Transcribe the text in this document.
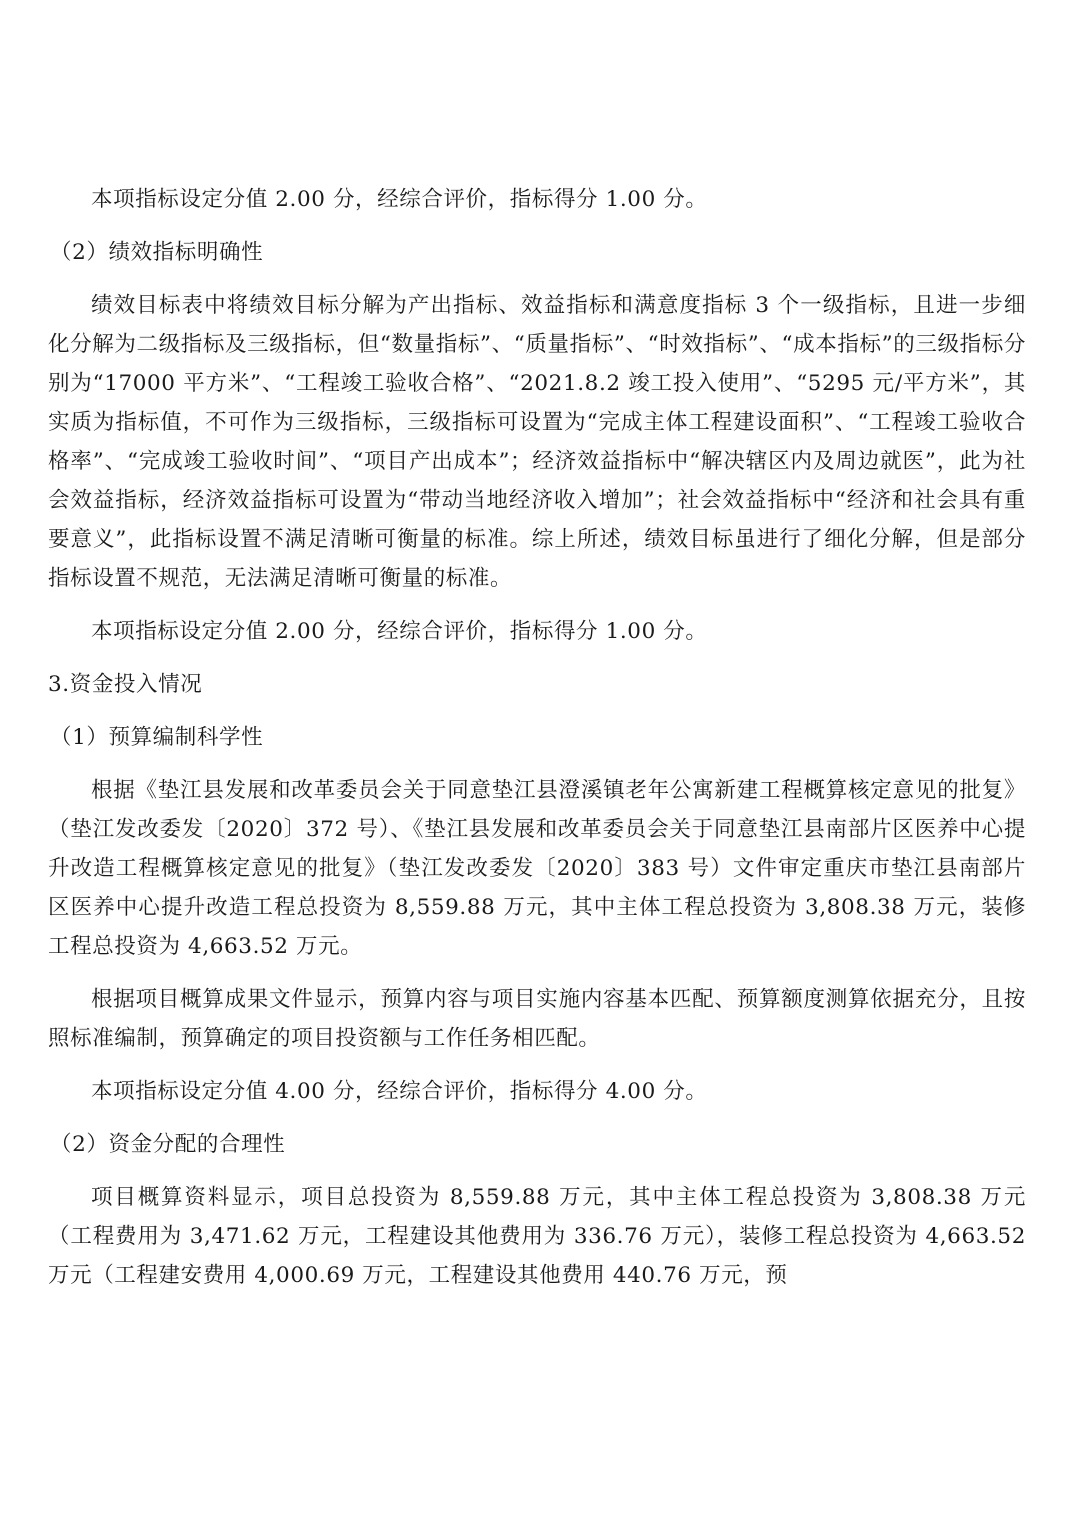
本项指标设定分值 2.00 分，经综合评价，指标得分 1.00 分。

（2）绩效指标明确性

绩效目标表中将绩效目标分解为产出指标、效益指标和满意度指标 3 个一级指标，且进一步细化分解为二级指标及三级指标，但“数量指标”、“质量指标”、“时效指标”、“成本指标”的三级指标分别为“17000 平方米”、“工程竣工验收合格”、“2021.8.2 竣工投入使用”、“5295 元/平方米”，其实质为指标值，不可作为三级指标，三级指标可设置为“完成主体工程建设面积”、“工程竣工验收合格率”、“完成竣工验收时间”、“项目产出成本”；经济效益指标中“解决辖区内及周边就医”，此为社会效益指标，经济效益指标可设置为“带动当地经济收入增加”；社会效益指标中“经济和社会具有重要意义”，此指标设置不满足清晰可衡量的标准。综上所述，绩效目标虽进行了细化分解，但是部分指标设置不规范，无法满足清晰可衡量的标准。

本项指标设定分值 2.00 分，经综合评价，指标得分 1.00 分。

3.资金投入情况
（1）预算编制科学性

根据《垫江县发展和改革委员会关于同意垫江县澄溪镇老年公寓新建工程概算核定意见的批复》（垫江发改委发〔2020〕372 号）、《垫江县发展和改革委员会关于同意垫江县南部片区医养中心提升改造工程概算核定意见的批复》（垫江发改委发〔2020〕383 号）文件审定重庆市垫江县南部片区医养中心提升改造工程总投资为 8,559.88 万元，其中主体工程总投资为 3,808.38 万元，装修工程总投资为 4,663.52 万元。

根据项目概算成果文件显示，预算内容与项目实施内容基本匹配、预算额度测算依据充分，且按照标准编制，预算确定的项目投资额与工作任务相匹配。

本项指标设定分值 4.00 分，经综合评价，指标得分 4.00 分。

（2）资金分配的合理性

项目概算资料显示，项目总投资为 8,559.88 万元，其中主体工程总投资为 3,808.38 万元（工程费用为 3,471.62 万元，工程建设其他费用为 336.76 万元），装修工程总投资为 4,663.52 万元（工程建安费用 4,000.69 万元，工程建设其他费用 440.76 万元，预
